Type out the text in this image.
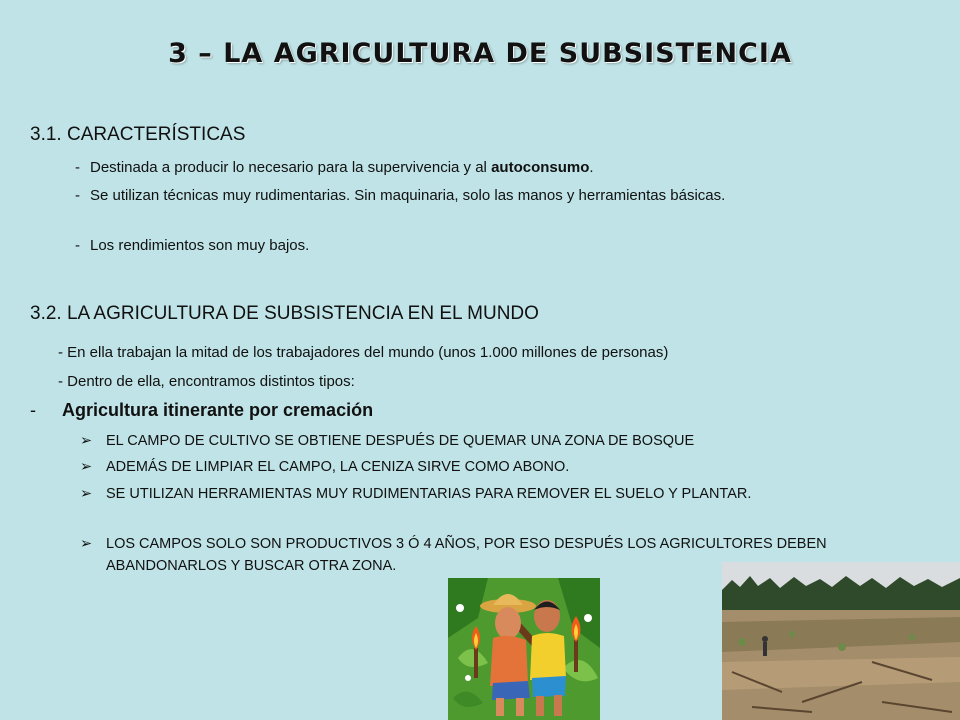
3 – LA AGRICULTURA DE SUBSISTENCIA
3.1. CARACTERÍSTICAS
- Destinada a producir lo necesario para la supervivencia y al autoconsumo.
- Se utilizan técnicas muy rudimentarias. Sin maquinaria, solo las manos y herramientas básicas.
- Los rendimientos son muy bajos.
3.2. LA AGRICULTURA DE SUBSISTENCIA EN EL MUNDO
- En ella trabajan la mitad de los trabajadores del mundo (unos 1.000 millones de personas)
- Dentro de ella, encontramos distintos tipos:
- Agricultura itinerante por cremación
➢ EL CAMPO DE CULTIVO SE OBTIENE DESPUÉS DE QUEMAR UNA ZONA DE BOSQUE
➢ ADEMÁS DE LIMPIAR EL CAMPO, LA CENIZA SIRVE COMO ABONO.
➢ SE UTILIZAN HERRAMIENTAS MUY RUDIMENTARIAS PARA REMOVER EL SUELO Y PLANTAR.
➢ LOS CAMPOS SOLO SON PRODUCTIVOS 3 Ó 4 AÑOS, POR ESO DESPUÉS LOS AGRICULTORES DEBEN ABANDONARLOS Y BUSCAR OTRA ZONA.
